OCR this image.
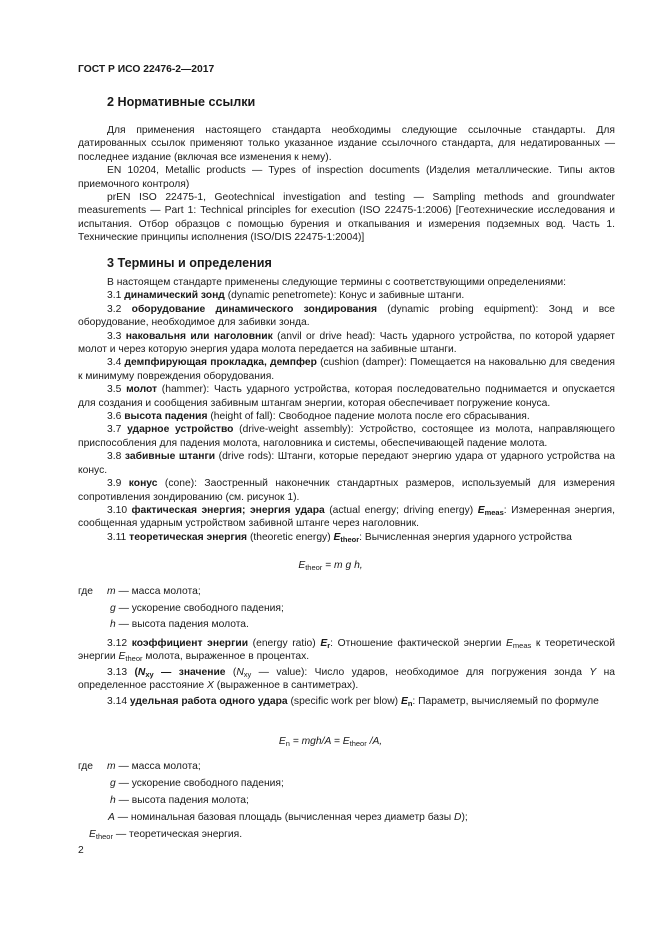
ГОСТ Р ИСО 22476-2—2017
2 Нормативные ссылки

Для применения настоящего стандарта необходимы следующие ссылочные стандарты. Для датированных ссылок применяют только указанное издание ссылочного стандарта, для недатированных — последнее издание (включая все изменения к нему).

EN 10204, Metallic products — Types of inspection documents (Изделия металлические. Типы актов приемочного контроля)

prEN ISO 22475-1, Geotechnical investigation and testing — Sampling methods and groundwater measurements — Part 1: Technical principles for execution (ISO 22475-1:2006) [Геотехнические исследования и испытания. Отбор образцов с помощью бурения и откапывания и измерения подземных вод. Часть 1. Технические принципы исполнения (ISO/DIS 22475-1:2004)]

3 Термины и определения

В настоящем стандарте применены следующие термины с соответствующими определениями:

3.1 динамический зонд (dynamic penetromete): Конус и забивные штанги.

3.2 оборудование динамического зондирования (dynamic probing equipment): Зонд и все оборудование, необходимое для забивки зонда.

3.3 наковальня или наголовник (anvil or drive head): Часть ударного устройства, по которой ударяет молот и через которую энергия удара молота передается на забивные штанги.

3.4 демпфирующая прокладка, демпфер (cushion (damper): Помещается на наковальню для сведения к минимуму повреждения оборудования.

3.5 молот (hammer): Часть ударного устройства, которая последовательно поднимается и опускается для создания и сообщения забивным штангам энергии, которая обеспечивает погружение конуса.

3.6 высота падения (height of fall): Свободное падение молота после его сбрасывания.

3.7 ударное устройство (drive-weight assembly): Устройство, состоящее из молота, направляющего приспособления для падения молота, наголовника и системы, обеспечивающей падение молота.

3.8 забивные штанги (drive rods): Штанги, которые передают энергию удара от ударного устройства на конус.

3.9 конус (cone): Заостренный наконечник стандартных размеров, используемый для измерения сопротивления зондированию (см. рисунок 1).

3.10 фактическая энергия; энергия удара (actual energy; driving energy) $E_{meas}$: Измеренная энергия, сообщенная ударным устройством забивной штанге через наголовник.

3.11 теоретическая энергия (theoretic energy) $E_{theor}$: Вычисленная энергия ударного устройства

$E_{theor} = m$ g h,
где m — масса молота;
g — ускорение свободного падения;
h — высота падения молота.

3.12 коэффициент энергии (energy ratio) $E_r$: Отношение фактической энергии $E_{meas}$ к теоретической энергии $E_{theor}$ молота, выраженное в процентах.

3.13 ($N_{xy}$ — значение ($N_{xy}$ — value): Число ударов, необходимое для погружения зонда Y на определенное расстояние X (выраженное в сантиметрах).

3.14 удельная работа одного удара (specific work per blow) $E_n$: Параметр, вычисляемый по формуле

$E_n = mgh/A = E_{theor}$ /A,
где m — масса молота;
g — ускорение свободного падения;
h — высота падения молота;
A — номинальная базовая площадь (вычисленная через диаметр базы D);
$E_{theor}$ — теоретическая энергия.
2
